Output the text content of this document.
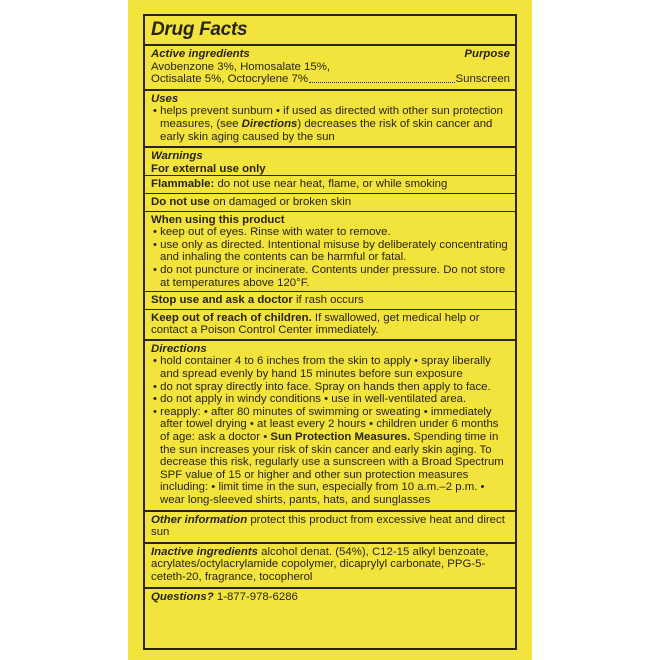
Drug Facts
Active ingredients	Purpose
Avobenzone 3%, Homosalate 15%,
Octisalate 5%, Octocrylene 7%	Sunscreen
Uses
• helps prevent sunburn • if used as directed with other sun protection measures, (see Directions) decreases the risk of skin cancer and early skin aging caused by the sun
Warnings
For external use only
Flammable: do not use near heat, flame, or while smoking
Do not use on damaged or broken skin
When using this product
• keep out of eyes. Rinse with water to remove.
• use only as directed. Intentional misuse by deliberately concentrating and inhaling the contents can be harmful or fatal.
• do not puncture or incinerate. Contents under pressure. Do not store at temperatures above 120°F.
Stop use and ask a doctor if rash occurs
Keep out of reach of children. If swallowed, get medical help or contact a Poison Control Center immediately.
Directions
• hold container 4 to 6 inches from the skin to apply • spray liberally and spread evenly by hand 15 minutes before sun exposure
• do not spray directly into face. Spray on hands then apply to face.
• do not apply in windy conditions • use in well-ventilated area.
• reapply: • after 80 minutes of swimming or sweating • immediately after towel drying • at least every 2 hours • children under 6 months of age: ask a doctor • Sun Protection Measures. Spending time in the sun increases your risk of skin cancer and early skin aging. To decrease this risk, regularly use a sunscreen with a Broad Spectrum SPF value of 15 or higher and other sun protection measures including: • limit time in the sun, especially from 10 a.m.–2 p.m. • wear long-sleeved shirts, pants, hats, and sunglasses
Other information protect this product from excessive heat and direct sun
Inactive ingredients alcohol denat. (54%), C12-15 alkyl benzoate, acrylates/octylacrylamide copolymer, dicaprylyl carbonate, PPG-5-ceteth-20, fragrance, tocopherol
Questions? 1-877-978-6286
